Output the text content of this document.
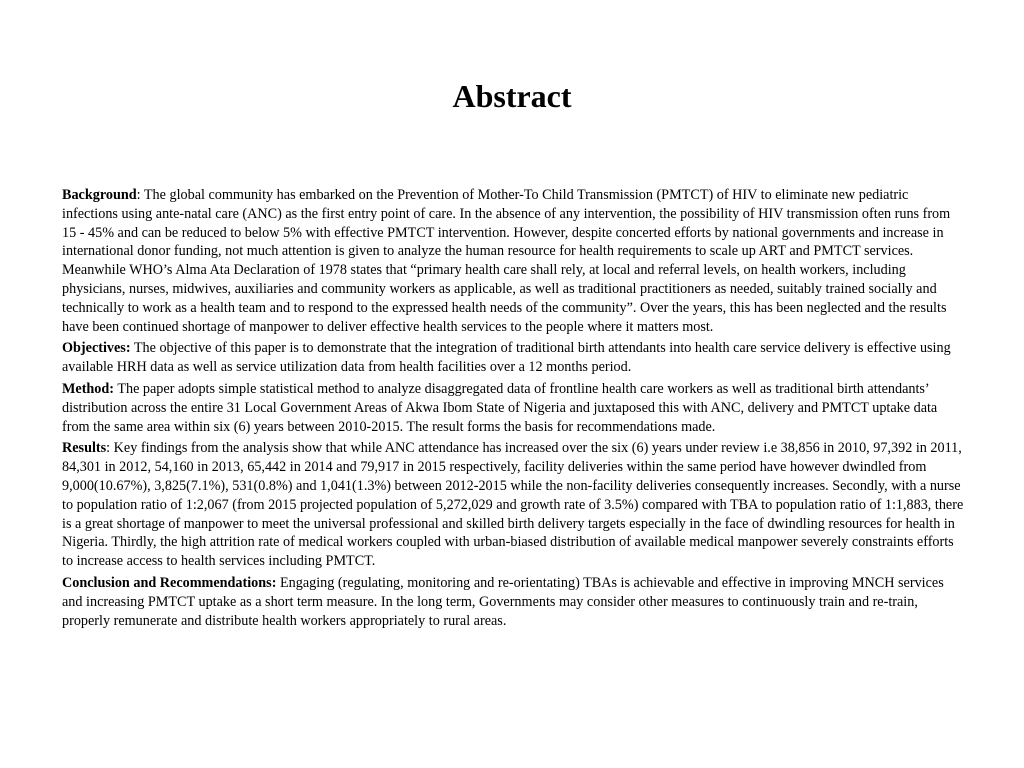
Abstract

Background: The global community has embarked on the Prevention of Mother-To Child Transmission (PMTCT) of HIV to eliminate new pediatric infections using ante-natal care (ANC) as the first entry point of care. In the absence of any intervention, the possibility of HIV transmission often runs from 15 - 45% and can be reduced to below 5% with effective PMTCT intervention. However, despite concerted efforts by national governments and increase in international donor funding, not much attention is given to analyze the human resource for health requirements to scale up ART and PMTCT services. Meanwhile WHO’s Alma Ata Declaration of 1978 states that “primary health care shall rely, at local and referral levels, on health workers, including physicians, nurses, midwives, auxiliaries and community workers as applicable, as well as traditional practitioners as needed, suitably trained socially and technically to work as a health team and to respond to the expressed health needs of the community”. Over the years, this has been neglected and the results have been continued shortage of manpower to deliver effective health services to the people where it matters most.

Objectives: The objective of this paper is to demonstrate that the integration of traditional birth attendants into health care service delivery is effective using available HRH data as well as service utilization data from health facilities over a 12 months period.

Method: The paper adopts simple statistical method to analyze disaggregated data of frontline health care workers as well as traditional birth attendants’ distribution across the entire 31 Local Government Areas of Akwa Ibom State of Nigeria and juxtaposed this with ANC, delivery and PMTCT uptake data from the same area within six (6) years between 2010-2015. The result forms the basis for recommendations made.

Results: Key findings from the analysis show that while ANC attendance has increased over the six (6) years under review i.e 38,856 in 2010, 97,392 in 2011, 84,301 in 2012, 54,160 in 2013, 65,442 in 2014 and 79,917 in 2015 respectively, facility deliveries within the same period have however dwindled from 9,000(10.67%), 3,825(7.1%), 531(0.8%) and 1,041(1.3%) between 2012-2015 while the non-facility deliveries consequently increases. Secondly, with a nurse to population ratio of 1:2,067 (from 2015 projected population of 5,272,029 and growth rate of 3.5%) compared with TBA to population ratio of 1:1,883, there is a great shortage of manpower to meet the universal professional and skilled birth delivery targets especially in the face of dwindling resources for health in Nigeria. Thirdly, the high attrition rate of medical workers coupled with urban-biased distribution of available medical manpower severely constraints efforts to increase access to health services including PMTCT.

Conclusion and Recommendations: Engaging (regulating, monitoring and re-orientating) TBAs is achievable and effective in improving MNCH services and increasing PMTCT uptake as a short term measure. In the long term, Governments may consider other measures to continuously train and re-train, properly remunerate and distribute health workers appropriately to rural areas.
